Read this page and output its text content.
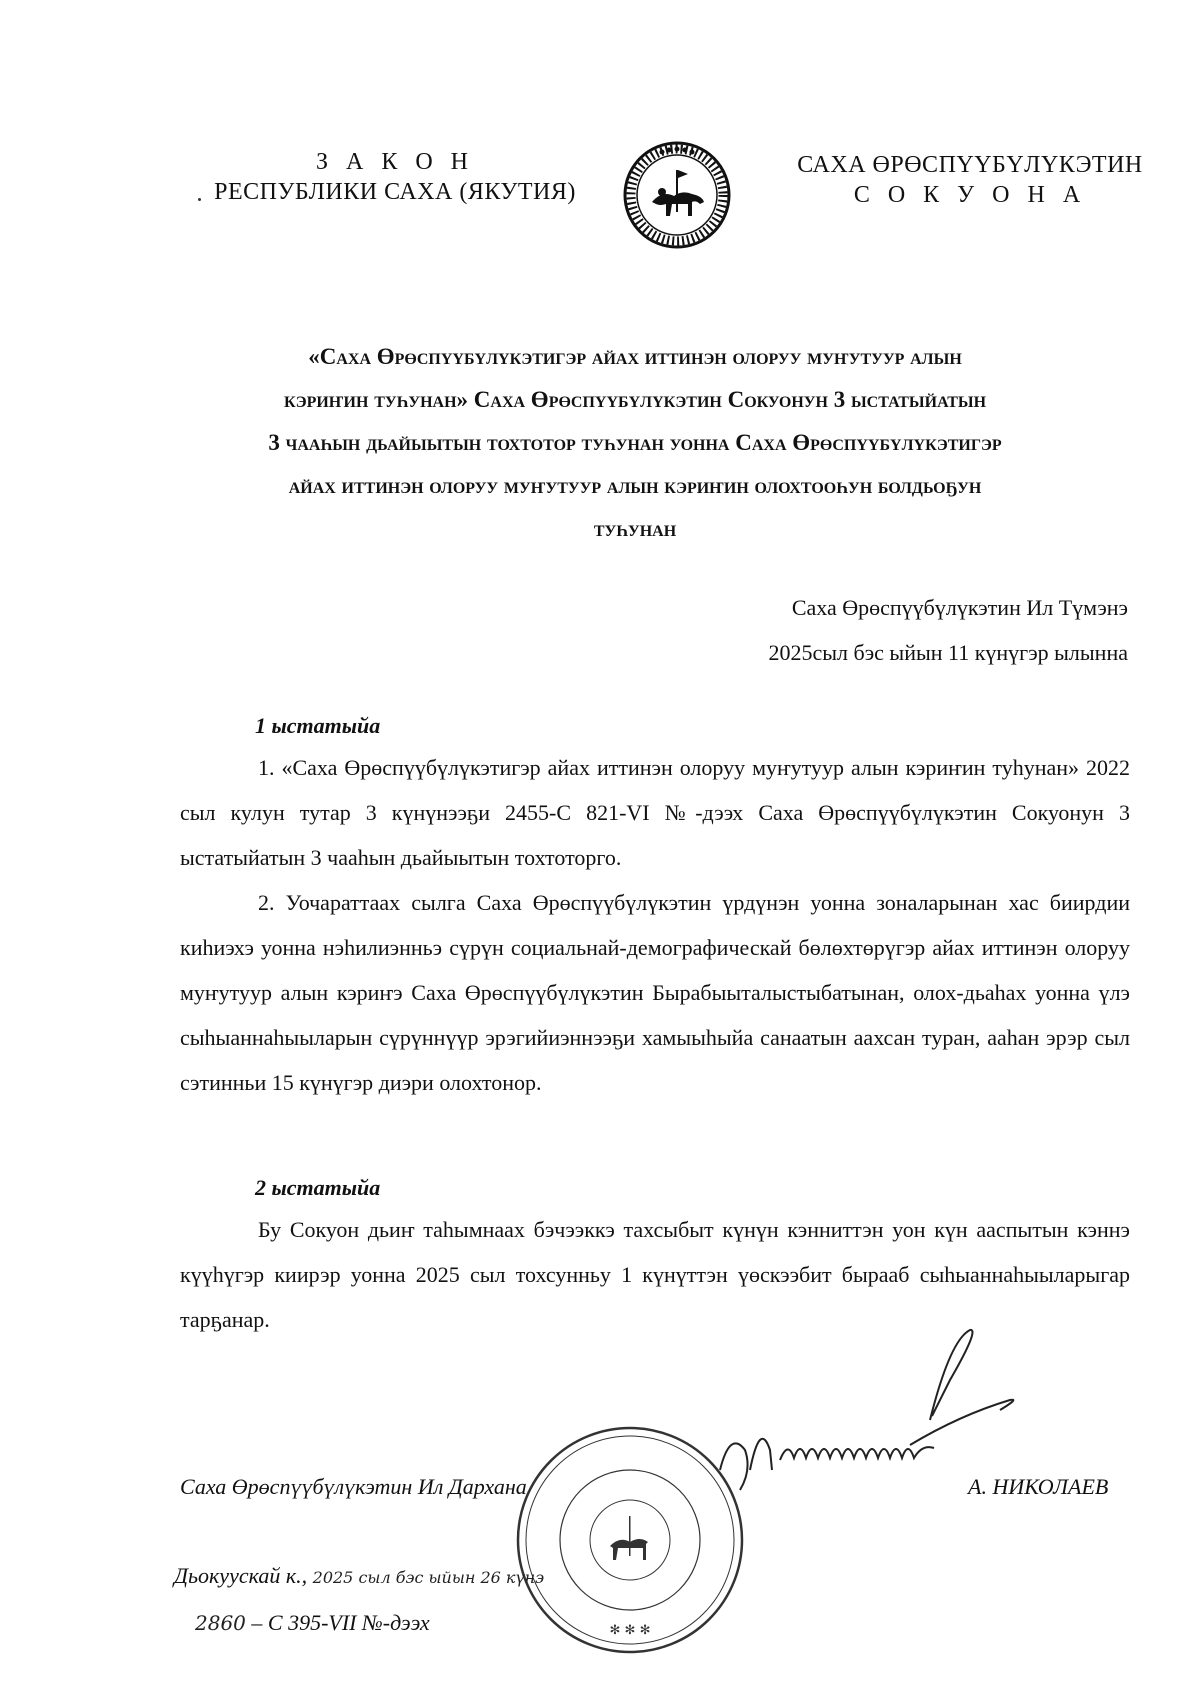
З А К О Н
РЕСПУБЛИКИ САХА (ЯКУТИЯ)
САХА ӨРӨСПҮҮБҮЛҮКЭТИН
С О К У О Н А
«Саха Өрөспүүбүлүкэтигэр айах иттинэн олоруу муҥутуур алын
кэриҥин туһунан» Саха Өрөспүүбүлүкэтин Сокуонун 3 ыстатыйатын
3 чааһын дьайыытын тохтотор туһунан уонна Саха Өрөспүүбүлүкэтигэр
айах иттинэн олоруу муҥутуур алын кэриҥин олохтооһун болдьоҕун
туһунан
Саха Өрөспүүбүлүкэтин Ил Түмэнэ
2025сыл бэс ыйын 11 күнүгэр ылынна
1 ыстатыйа

1. «Саха Өрөспүүбүлүкэтигэр айах иттинэн олоруу муҥутуур алын кэриҥин туһунан» 2022 сыл кулун тутар 3 күнүнээҕи 2455-С 821-VI №-дээх Саха Өрөспүүбүлүкэтин Сокуонун 3 ыстатыйатын 3 чааһын дьайыытын тохтоторго.

2. Уочараттаах сылга Саха Өрөспүүбүлүкэтин үрдүнэн уонна зоналарынан хас биирдии киһиэхэ уонна нэһилиэнньэ сүрүн социальнай-демографическай бөлөхтөрүгэр айах иттинэн олоруу муҥутуур алын кэриҥэ Саха Өрөспүүбүлүкэтин Бырабыыталыстыбатынан, олох-дьаһах уонна үлэ сыһыаннаһыыларын сүрүннүүр эрэгийиэннээҕи хамыыһыйа санаатын аахсан туран, ааһан эрэр сыл сэтинньи 15 күнүгэр диэри олохтонор.

2 ыстатыйа

Бу Сокуон дьиҥ таһымнаах бэчээккэ тахсыбыт күнүн кэнниттэн уон күн ааспытын кэннэ күүһүгэр киирэр уонна 2025 сыл тохсунньу 1 күнүттэн үөскээбит бырааб сыһыаннаһыыларыгар тарҕанар.

✻ ✻ ✻
Саха Өрөспүүбүлүкэтин Ил Дархана	А. НИКОЛАЕВ
Дьокуускай к., 2025 сыл бэс ыйын 26 күнэ
2860 – С 395-VII №-дээх
